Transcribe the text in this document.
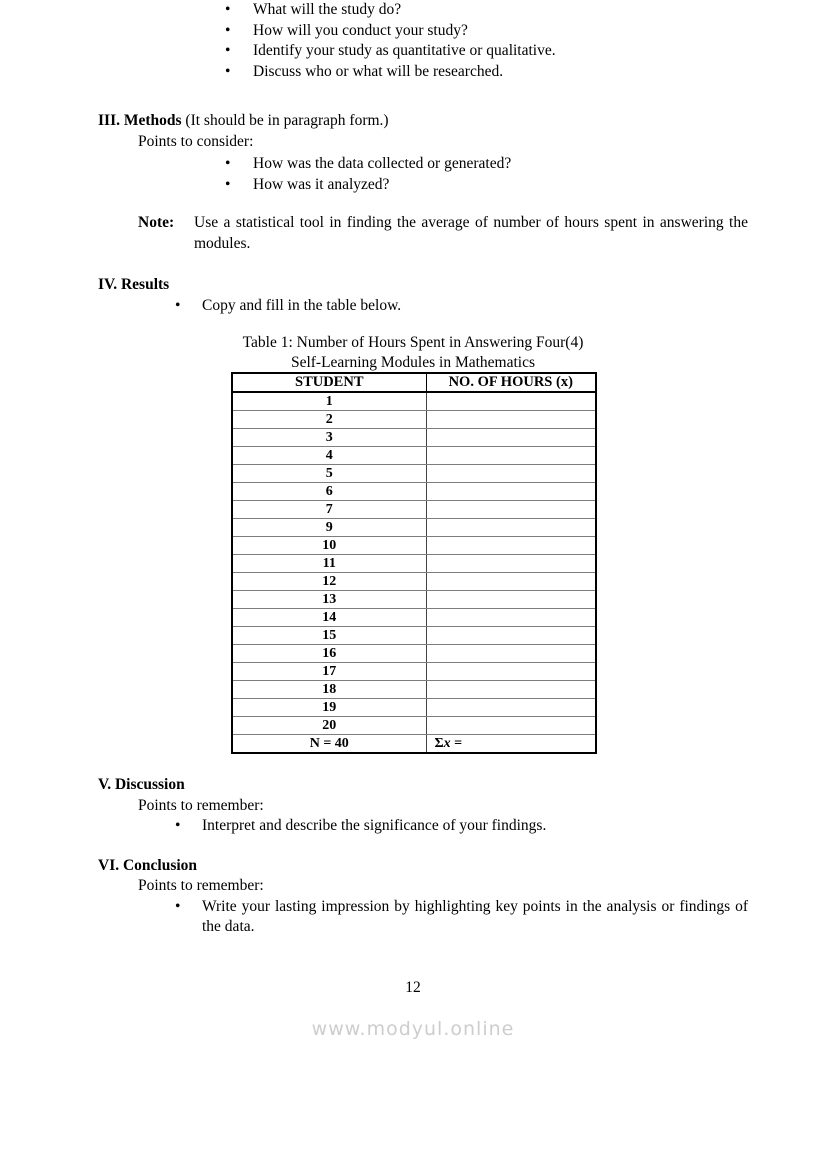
• What will the study do?
• How will you conduct your study?
• Identify your study as quantitative or qualitative.
• Discuss who or what will be researched.
III. Methods (It should be in paragraph form.)
Points to consider:
• How was the data collected or generated?
• How was it analyzed?
Note:	Use a statistical tool in finding the average of number of hours spent in answering the modules.
IV. Results
• Copy and fill in the table below.
Table 1: Number of Hours Spent in Answering Four(4)
Self-Learning Modules in Mathematics
STUDENT	NO. OF HOURS (x)
1	
2	
3	
4	
5	
6	
7	
9	
10	
11	
12	
13	
14	
15	
16	
17	
18	
19	
20	
N = 40	Σx =
V. Discussion
Points to remember:
• Interpret and describe the significance of your findings.
VI. Conclusion
Points to remember:
• Write your lasting impression by highlighting key points in the analysis or findings of the data.
12
www.modyul.online
